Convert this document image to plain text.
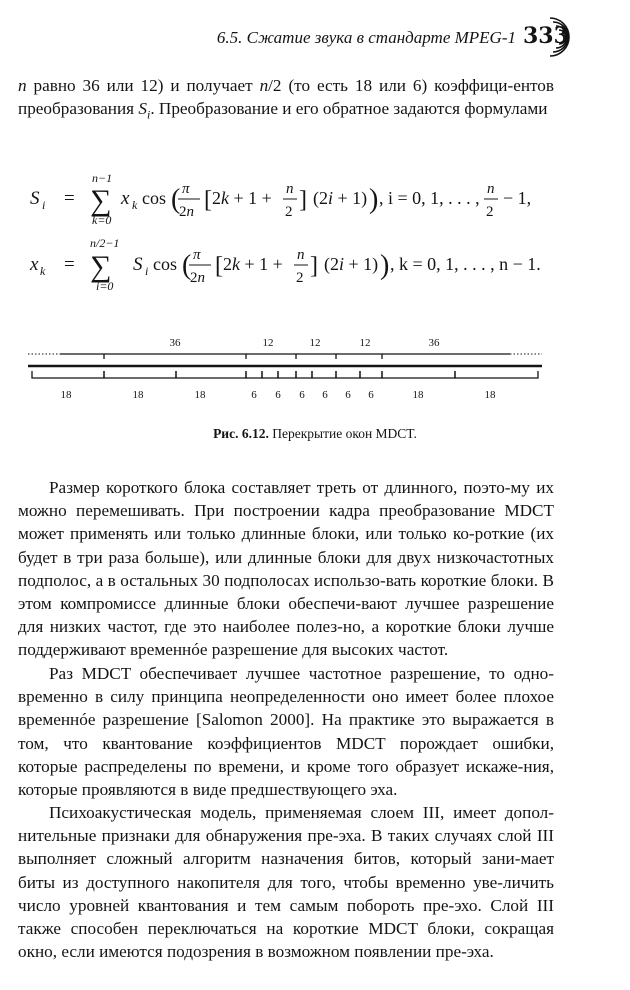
6.5. Сжатие звука в стандарте MPEG-1 333

n равно 36 или 12) и получает n/2 (то есть 18 или 6) коэффици-ентов преобразования $S_i$. Преобразование и его обратное задаются формулами

S i =
n−1
∑
k=0
x k cos ( π
2n [ 2k + 1 + n
2 ] (2i + 1) ) , i = 0, 1, . . . , n
2
− 1,
x k =
n/2−1
∑
i=0
S i cos ( π
2n [ 2k + 1 + n
2 ] (2i + 1) ) , k = 0, 1, . . . , n − 1.
36	12	12	12	36
18	18	18	6 6 6 6 6 6	18	18
Рис. 6.12. Перекрытие окон MDCT.

Размер короткого блока составляет треть от длинного, поэто-му их можно перемешивать. При построении кадра преобразование MDCT может применять или только длинные блоки, или только ко-роткие (их будет в три раза больше), или длинные блоки для двух низкочастотных подполос, а в остальных 30 подполосах использо-вать короткие блоки. В этом компромиссе длинные блоки обеспечи-вают лучшее разрешение для низких частот, где это наиболее полез-но, а короткие блоки лучше поддерживают временнóе разрешение для высоких частот.

Раз MDCT обеспечивает лучшее частотное разрешение, то одно-временно в силу принципа неопределенности оно имеет более плохое временнóе разрешение [Salomon 2000]. На практике это выражается в том, что квантование коэффициентов MDCT порождает ошибки, которые распределены по времени, и кроме того образует искаже-ния, которые проявляются в виде предшествующего эха.

Психоакустическая модель, применяемая слоем III, имеет допол-нительные признаки для обнаружения пре-эха. В таких случаях слой III выполняет сложный алгоритм назначения битов, который зани-мает биты из доступного накопителя для того, чтобы временно уве-личить число уровней квантования и тем самым побороть пре-эхо. Слой III также способен переключаться на короткие MDCT блоки, сокращая окно, если имеются подозрения в возможном появлении пре-эха.
